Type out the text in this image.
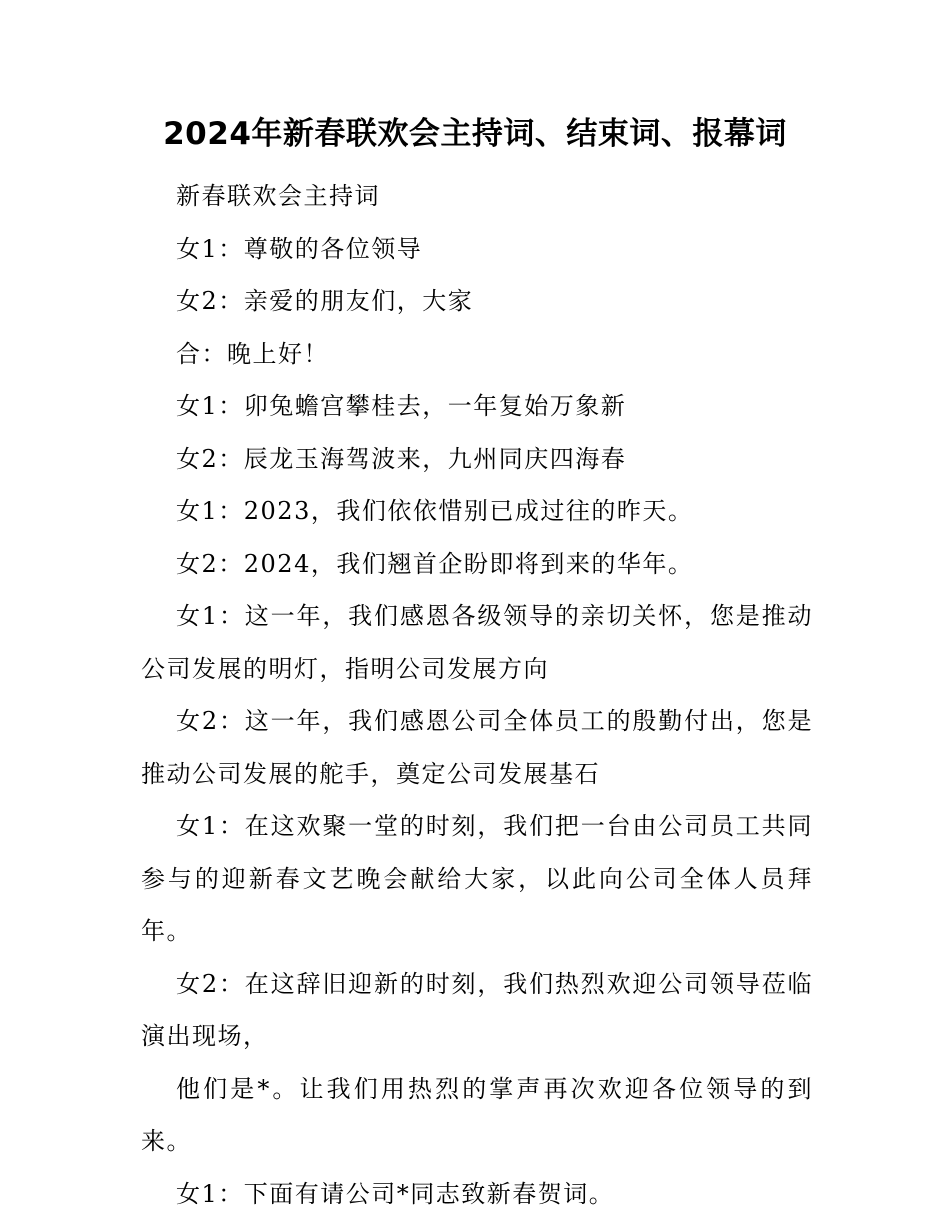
2024年新春联欢会主持词、结束词、报幕词

新春联欢会主持词

女1：尊敬的各位领导

女2：亲爱的朋友们，大家

合：晚上好！

女1：卯兔蟾宫攀桂去，一年复始万象新

女2：辰龙玉海驾波来，九州同庆四海春

女1：2023，我们依依惜别已成过往的昨天。

女2：2024，我们翘首企盼即将到来的华年。

女1：这一年，我们感恩各级领导的亲切关怀，您是推动公司发展的明灯，指明公司发展方向

女2：这一年，我们感恩公司全体员工的殷勤付出，您是推动公司发展的舵手，奠定公司发展基石

女1：在这欢聚一堂的时刻，我们把一台由公司员工共同参与的迎新春文艺晚会献给大家，以此向公司全体人员拜年。

女2：在这辞旧迎新的时刻，我们热烈欢迎公司领导莅临演出现场，

他们是*。让我们用热烈的掌声再次欢迎各位领导的到来。

女1：下面有请公司*同志致新春贺词。
